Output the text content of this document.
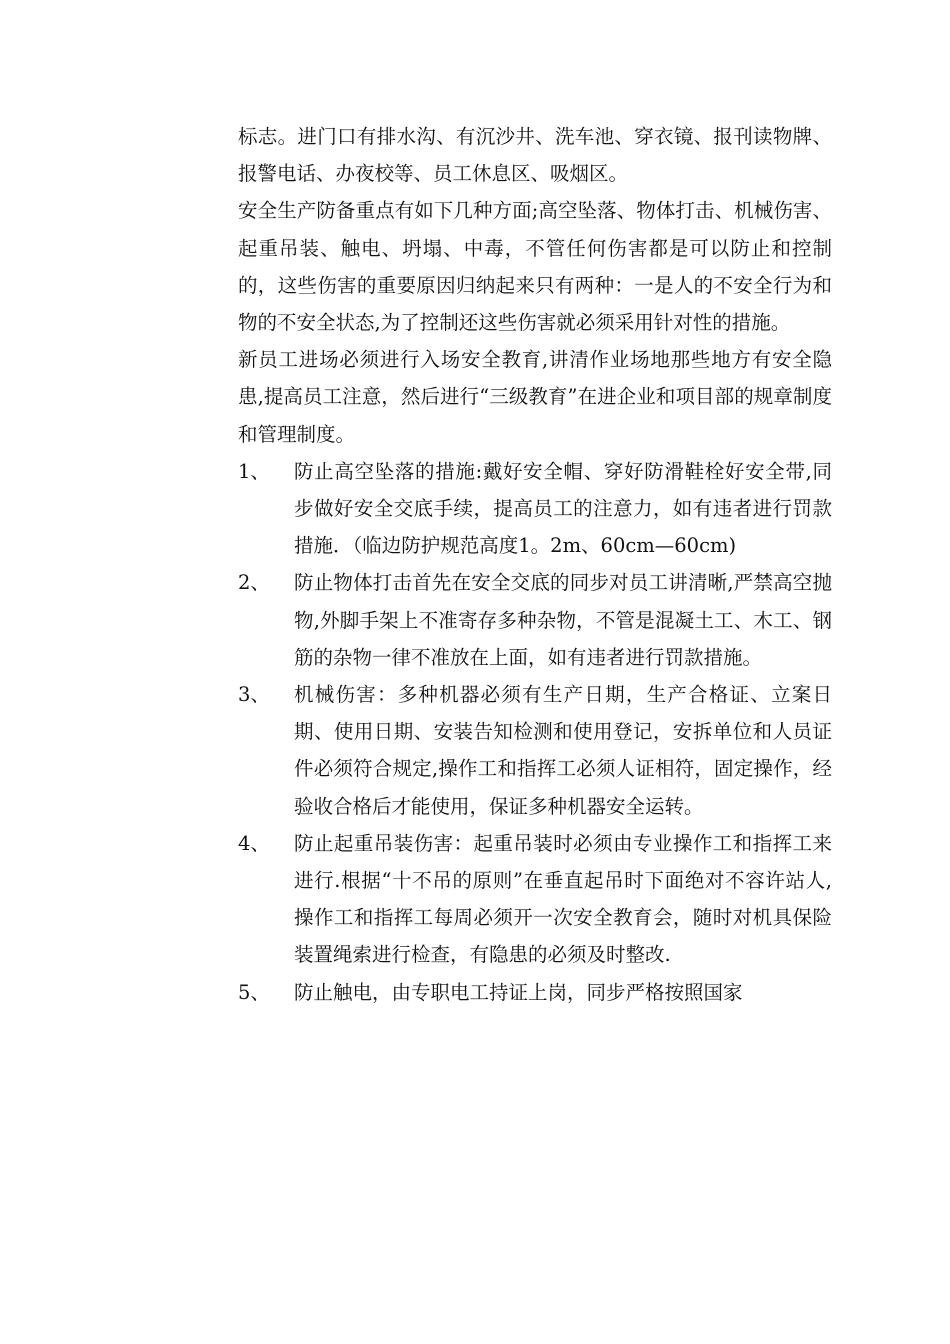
标志。进门口有排水沟、有沉沙井、洗车池、穿衣镜、报刊读物牌、报警电话、办夜校等、员工休息区、吸烟区。

安全生产防备重点有如下几种方面;高空坠落、物体打击、机械伤害、起重吊装、触电、坍塌、中毒，不管任何伤害都是可以防止和控制的，这些伤害的重要原因归纳起来只有两种：一是人的不安全行为和物的不安全状态,为了控制还这些伤害就必须采用针对性的措施。

新员工进场必须进行入场安全教育,讲清作业场地那些地方有安全隐患,提高员工注意，然后进行“三级教育”在进企业和项目部的规章制度和管理制度。

1、	防止高空坠落的措施:戴好安全帽、穿好防滑鞋栓好安全带,同步做好安全交底手续，提高员工的注意力，如有违者进行罚款措施．（临边防护规范高度1。2m、60cm—60cm)
2、	防止物体打击首先在安全交底的同步对员工讲清晰,严禁高空抛物,外脚手架上不准寄存多种杂物，不管是混凝土工、木工、钢筋的杂物一律不准放在上面，如有违者进行罚款措施。
3、	机械伤害：多种机器必须有生产日期，生产合格证、立案日期、使用日期、安装告知检测和使用登记，安拆单位和人员证件必须符合规定,操作工和指挥工必须人证相符，固定操作，经验收合格后才能使用，保证多种机器安全运转。
4、	防止起重吊装伤害：起重吊装时必须由专业操作工和指挥工来进行.根据“十不吊的原则”在垂直起吊时下面绝对不容许站人,操作工和指挥工每周必须开一次安全教育会，随时对机具保险装置绳索进行检查，有隐患的必须及时整改.
5、	防止触电，由专职电工持证上岗，同步严格按照国家
